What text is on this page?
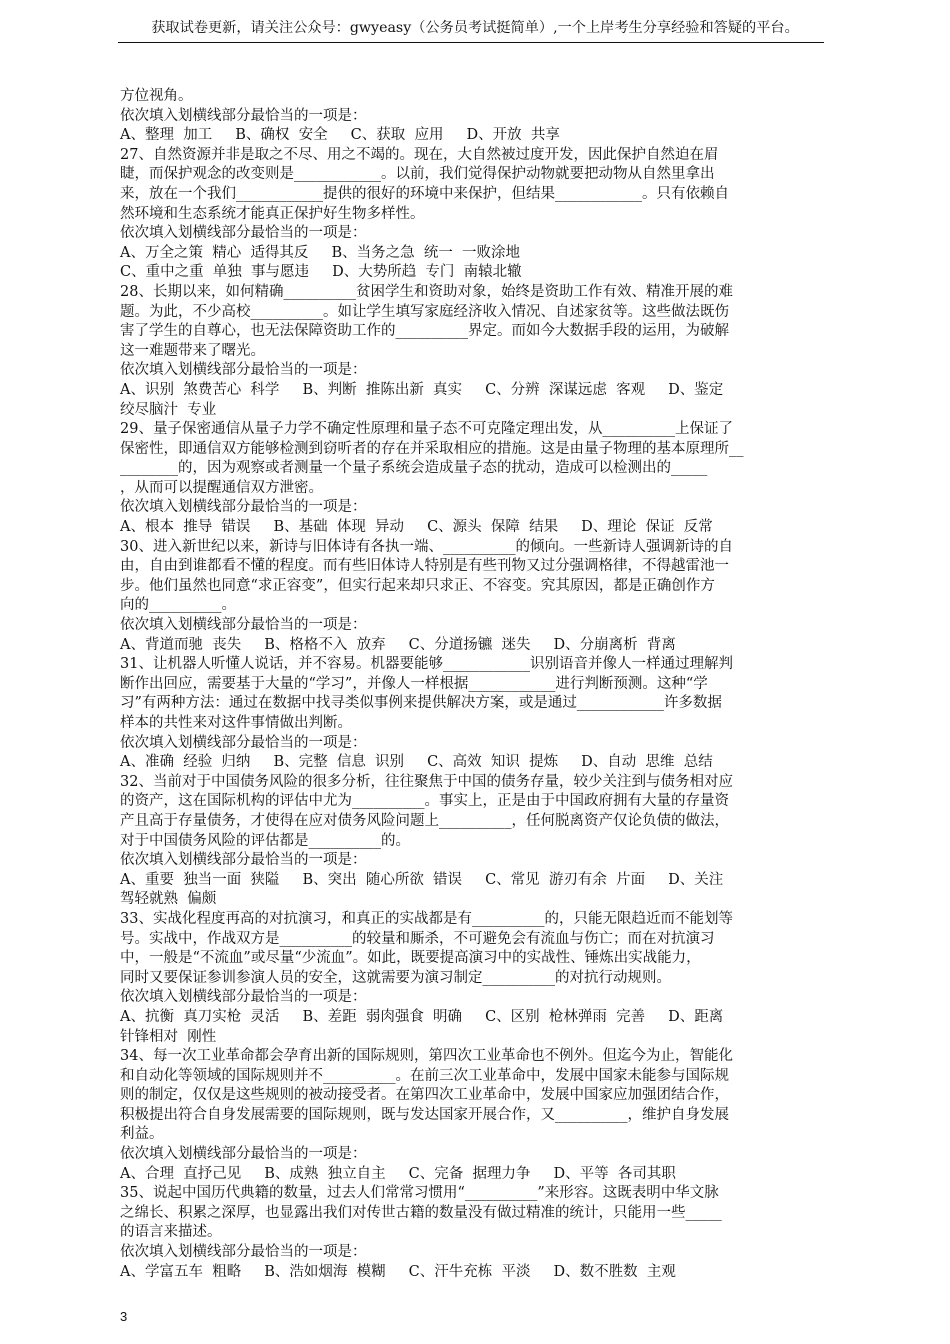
获取试卷更新，请关注公众号：gwyeasy（公务员考试挺简单）,一个上岸考生分享经验和答疑的平台。
方位视角。
依次填入划横线部分最恰当的一项是：
A、整理  加工     B、确权  安全     C、获取  应用     D、开放  共享
27、自然资源并非是取之不尽、用之不竭的。现在，大自然被过度开发，因此保护自然迫在眉
睫，而保护观念的改变则是____________。以前，我们觉得保护动物就要把动物从自然里拿出
来，放在一个我们____________提供的很好的环境中来保护，但结果____________。只有依赖自
然环境和生态系统才能真正保护好生物多样性。
依次填入划横线部分最恰当的一项是：
A、万全之策  精心  适得其反     B、当务之急  统一  一败涂地
C、重中之重  单独  事与愿违     D、大势所趋  专门  南辕北辙
28、长期以来，如何精确__________贫困学生和资助对象，始终是资助工作有效、精准开展的难
题。为此，不少高校__________。如让学生填写家庭经济收入情况、自述家贫等。这些做法既伤
害了学生的自尊心，也无法保障资助工作的__________界定。而如今大数据手段的运用，为破解
这一难题带来了曙光。
依次填入划横线部分最恰当的一项是：
A、识别  煞费苦心  科学     B、判断  推陈出新  真实     C、分辨  深谋远虑  客观     D、鉴定
绞尽脑汁  专业
29、量子保密通信从量子力学不确定性原理和量子态不可克隆定理出发，从__________上保证了
保密性，即通信双方能够检测到窃听者的存在并采取相应的措施。这是由量子物理的基本原理所__
________的，因为观察或者测量一个量子系统会造成量子态的扰动，造成可以检测出的_____
，从而可以提醒通信双方泄密。
依次填入划横线部分最恰当的一项是：
A、根本  推导  错误     B、基础  体现  异动     C、源头  保障  结果     D、理论  保证  反常
30、进入新世纪以来，新诗与旧体诗有各执一端、__________的倾向。一些新诗人强调新诗的自
由，自由到谁都看不懂的程度。而有些旧体诗人特别是有些刊物又过分强调格律，不得越雷池一
步。他们虽然也同意“求正容变”，但实行起来却只求正、不容变。究其原因，都是正确创作方
向的__________。
依次填入划横线部分最恰当的一项是：
A、背道而驰  丧失     B、格格不入  放弃     C、分道扬镳  迷失     D、分崩离析  背离
31、让机器人听懂人说话，并不容易。机器要能够____________识别语音并像人一样通过理解判
断作出回应，需要基于大量的“学习”，并像人一样根据____________进行判断预测。这种“学
习”有两种方法：通过在数据中找寻类似事例来提供解决方案，或是通过____________许多数据
样本的共性来对这件事情做出判断。
依次填入划横线部分最恰当的一项是：
A、准确  经验  归纳     B、完整  信息  识别     C、高效  知识  提炼     D、自动  思维  总结
32、当前对于中国债务风险的很多分析，往往聚焦于中国的债务存量，较少关注到与债务相对应
的资产，这在国际机构的评估中尤为__________。事实上，正是由于中国政府拥有大量的存量资
产且高于存量债务，才使得在应对债务风险问题上__________，任何脱离资产仅论负债的做法，
对于中国债务风险的评估都是__________的。
依次填入划横线部分最恰当的一项是：
A、重要  独当一面  狭隘     B、突出  随心所欲  错误     C、常见  游刃有余  片面     D、关注
驾轻就熟  偏颇
33、实战化程度再高的对抗演习，和真正的实战都是有__________的，只能无限趋近而不能划等
号。实战中，作战双方是__________的较量和厮杀，不可避免会有流血与伤亡；而在对抗演习
中，一般是“不流血”或尽量“少流血”。如此，既要提高演习中的实战性、锤炼出实战能力，
同时又要保证参训参演人员的安全，这就需要为演习制定__________的对抗行动规则。
依次填入划横线部分最恰当的一项是：
A、抗衡  真刀实枪  灵活     B、差距  弱肉强食  明确     C、区别  枪林弹雨  完善     D、距离
针锋相对  刚性
34、每一次工业革命都会孕育出新的国际规则，第四次工业革命也不例外。但迄今为止，智能化
和自动化等领域的国际规则并不__________。在前三次工业革命中，发展中国家未能参与国际规
则的制定，仅仅是这些规则的被动接受者。在第四次工业革命中，发展中国家应加强团结合作，
积极提出符合自身发展需要的国际规则，既与发达国家开展合作，又__________，维护自身发展
利益。
依次填入划横线部分最恰当的一项是：
A、合理  直抒己见     B、成熟  独立自主     C、完备  据理力争     D、平等  各司其职
35、说起中国历代典籍的数量，过去人们常常习惯用“__________”来形容。这既表明中华文脉
之绵长、积累之深厚，也显露出我们对传世古籍的数量没有做过精准的统计，只能用一些_____
的语言来描述。
依次填入划横线部分最恰当的一项是：
A、学富五车  粗略     B、浩如烟海  模糊     C、汗牛充栋  平淡     D、数不胜数  主观
3
